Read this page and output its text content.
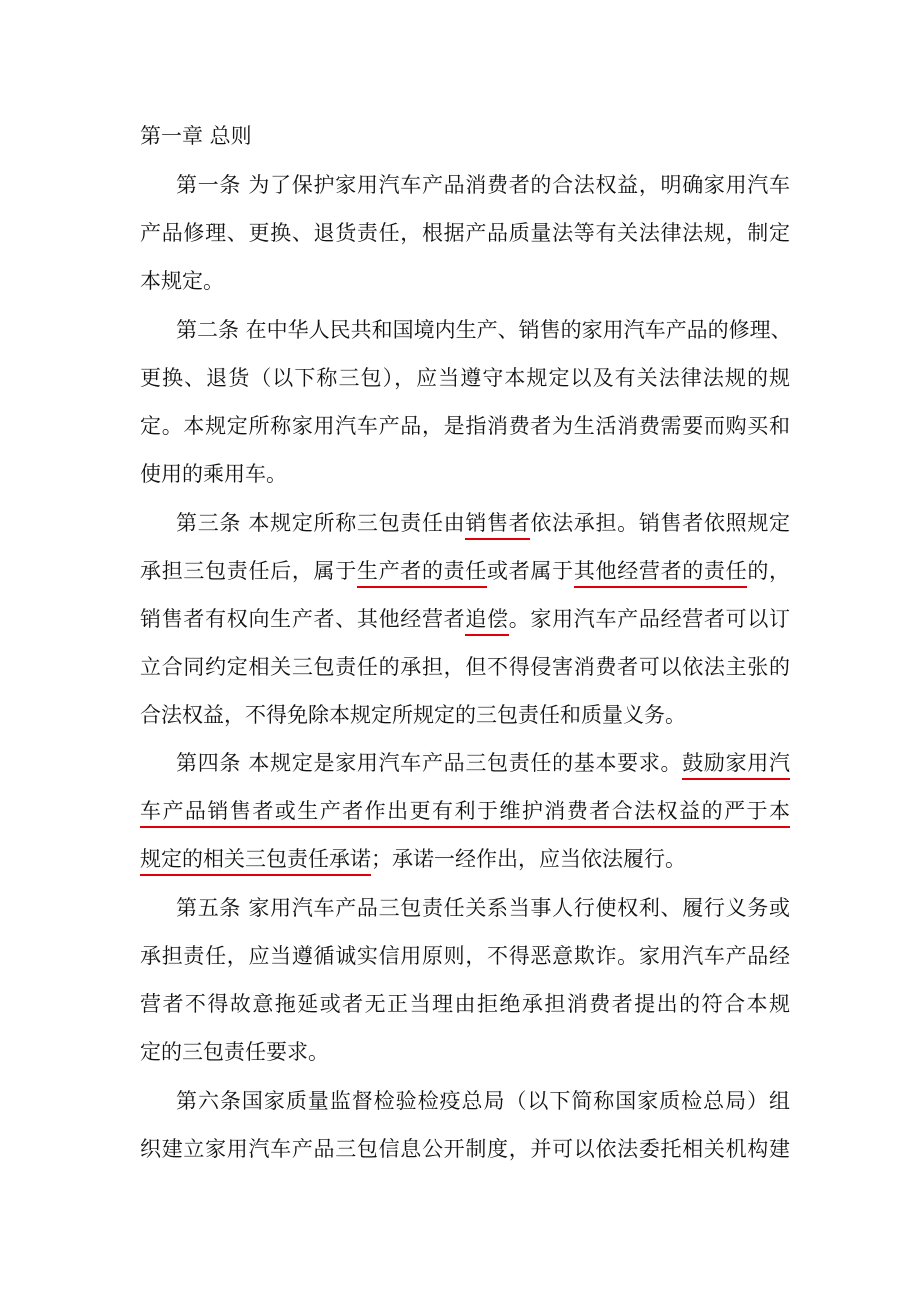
第一章 总则
第一条 为了保护家用汽车产品消费者的合法权益，明确家用汽车
产品修理、更换、退货责任，根据产品质量法等有关法律法规，制定
本规定。
第二条 在中华人民共和国境内生产、销售的家用汽车产品的修理、
更换、退货（以下称三包），应当遵守本规定以及有关法律法规的规
定。本规定所称家用汽车产品，是指消费者为生活消费需要而购买和
使用的乘用车。
第三条 本规定所称三包责任由销售者依法承担。销售者依照规定
承担三包责任后，属于生产者的责任或者属于其他经营者的责任的，
销售者有权向生产者、其他经营者追偿。家用汽车产品经营者可以订
立合同约定相关三包责任的承担，但不得侵害消费者可以依法主张的
合法权益，不得免除本规定所规定的三包责任和质量义务。
第四条 本规定是家用汽车产品三包责任的基本要求。鼓励家用汽
车产品销售者或生产者作出更有利于维护消费者合法权益的严于本
规定的相关三包责任承诺；承诺一经作出，应当依法履行。
第五条 家用汽车产品三包责任关系当事人行使权利、履行义务或
承担责任，应当遵循诚实信用原则，不得恶意欺诈。家用汽车产品经
营者不得故意拖延或者无正当理由拒绝承担消费者提出的符合本规
定的三包责任要求。
第六条国家质量监督检验检疫总局（以下简称国家质检总局）组
织建立家用汽车产品三包信息公开制度，并可以依法委托相关机构建
